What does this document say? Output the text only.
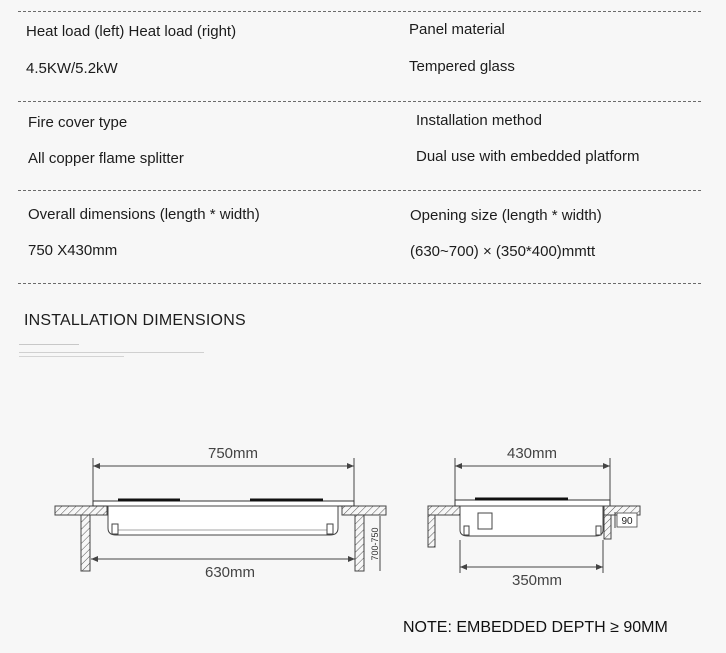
Heat load (left) Heat load (right)
4.5KW/5.2kW
Panel material
Tempered glass
Fire cover type
All copper flame splitter
Installation method
Dual use with embedded platform
Overall dimensions (length * width)
750 X430mm
Opening size (length * width)
(630~700) × (350*400)mmtt
INSTALLATION DIMENSIONS
750mm
630mm
700-750
430mm
90
350mm
NOTE: EMBEDDED DEPTH ≥ 90MM
